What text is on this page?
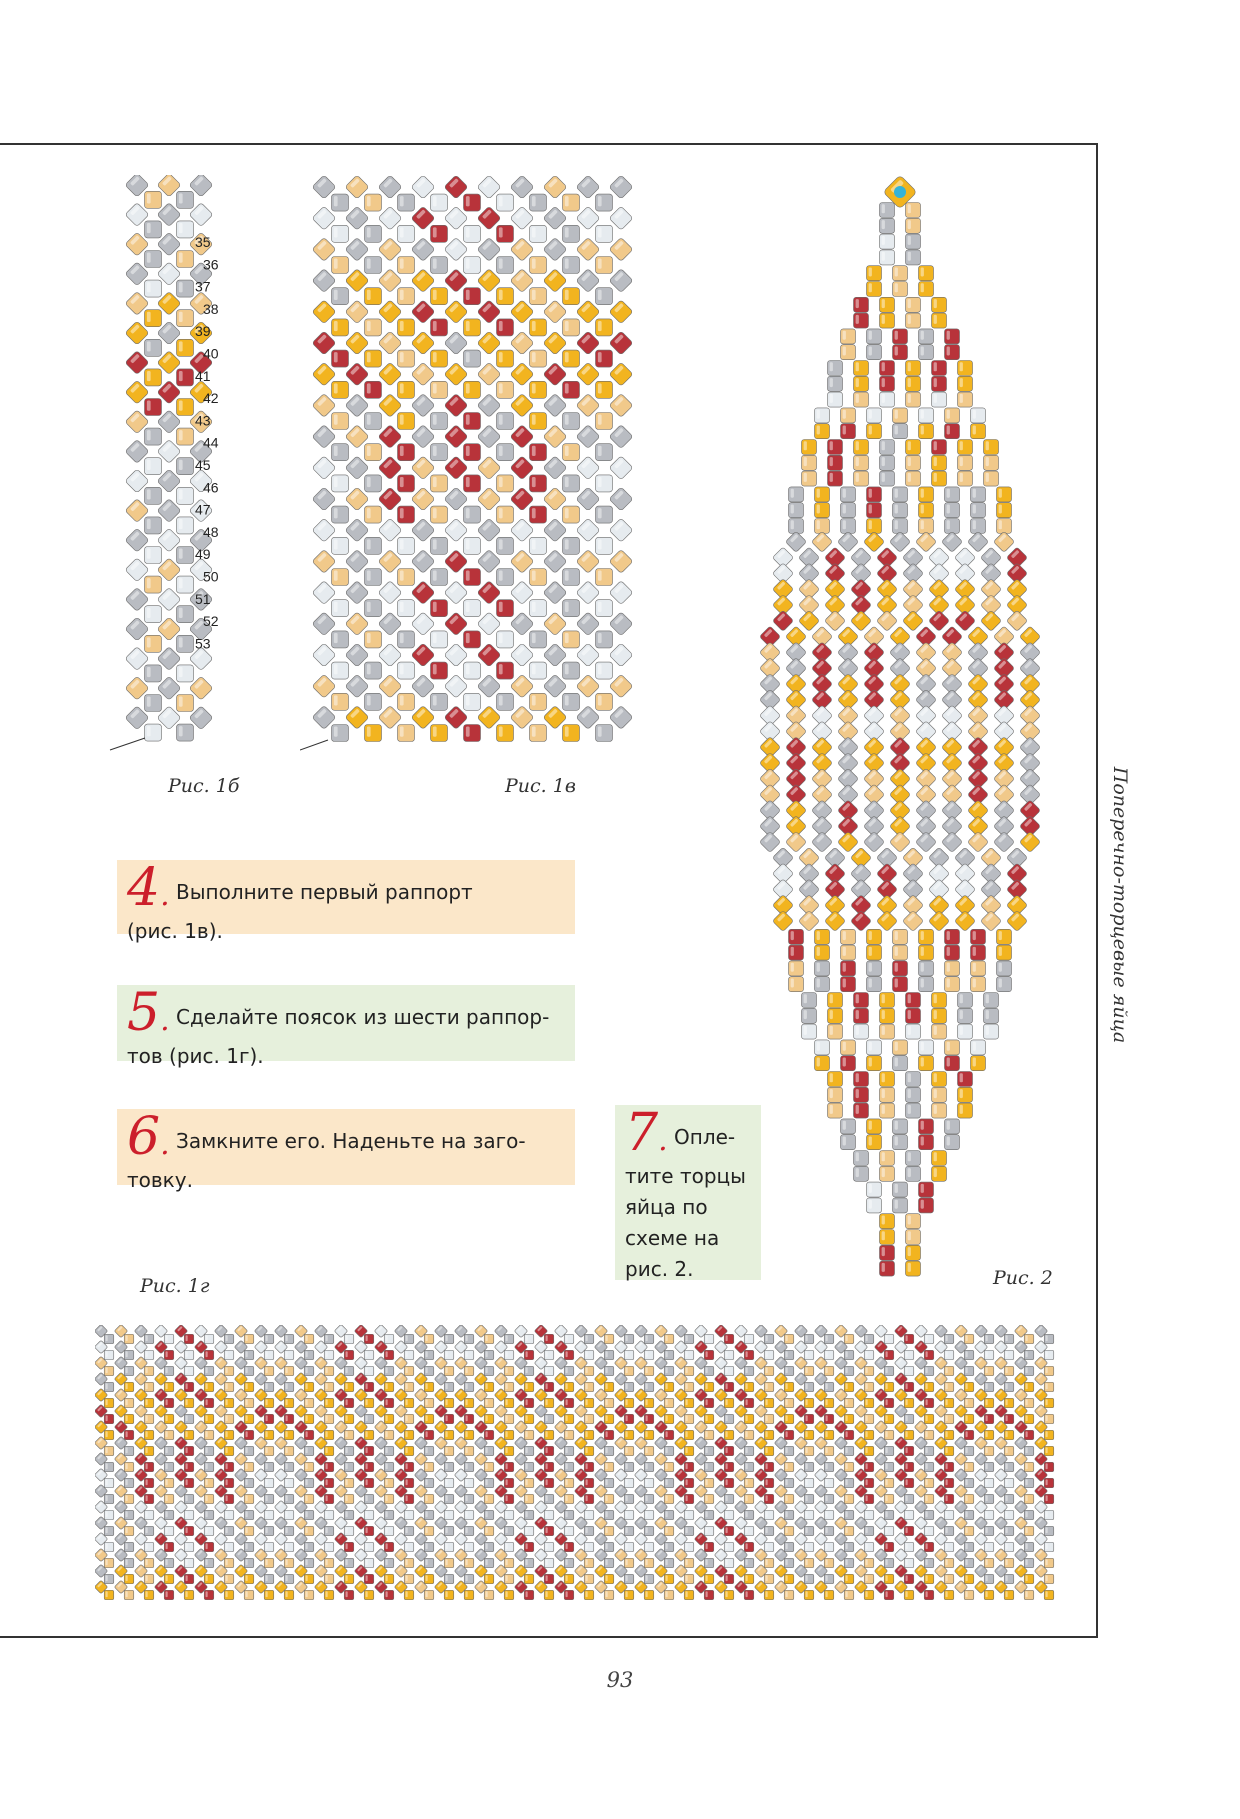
35
36
37
38
39
40
41
42
43
44
45
46
47
48
49
50
51
52
53
Рис. 1б	Рис. 1в
Рис. 2
4. Выполните первый раппорт
(рис. 1в).
5. Сделайте поясок из шести раппор-
тов (рис. 1г).
6. Замкните его. Наденьте на заго-
товку.
7. Опле-
тите торцы
яйца по
схеме на
рис. 2.
Рис. 1г
Поперечно-торцевые яйца
93
